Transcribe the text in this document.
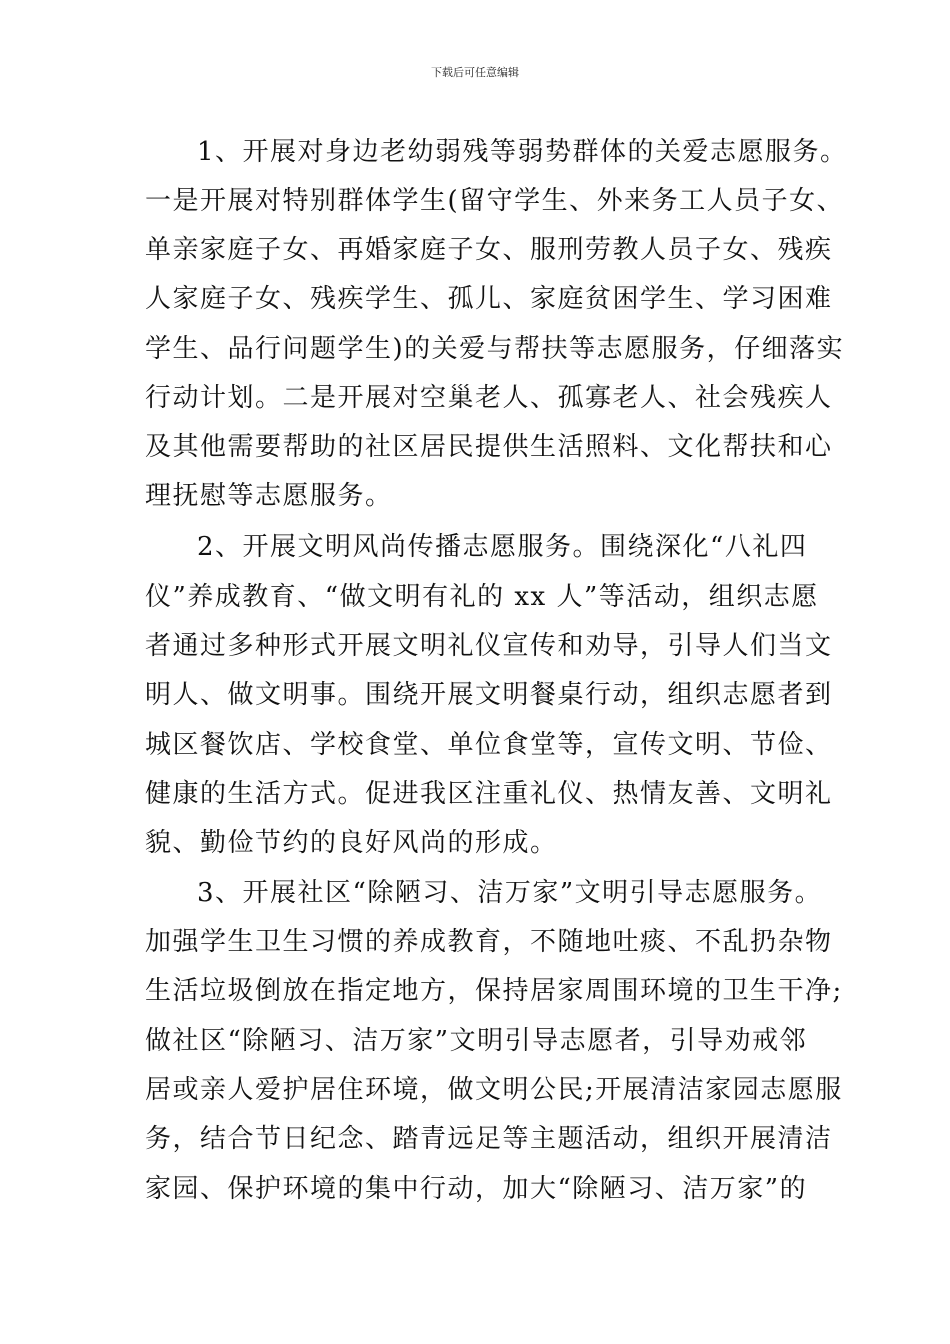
下载后可任意编辑
1、开展对身边老幼弱残等弱势群体的关爱志愿服务。
一是开展对特别群体学生(留守学生、外来务工人员子女、
单亲家庭子女、再婚家庭子女、服刑劳教人员子女、残疾
人家庭子女、残疾学生、孤儿、家庭贫困学生、学习困难
学生、品行问题学生)的关爱与帮扶等志愿服务，仔细落实
行动计划。二是开展对空巢老人、孤寡老人、社会残疾人
及其他需要帮助的社区居民提供生活照料、文化帮扶和心
理抚慰等志愿服务。
2、开展文明风尚传播志愿服务。围绕深化“八礼四
仪”养成教育、“做文明有礼的 xx 人”等活动，组织志愿
者通过多种形式开展文明礼仪宣传和劝导，引导人们当文
明人、做文明事。围绕开展文明餐桌行动，组织志愿者到
城区餐饮店、学校食堂、单位食堂等，宣传文明、节俭、
健康的生活方式。促进我区注重礼仪、热情友善、文明礼
貌、勤俭节约的良好风尚的形成。
3、开展社区“除陋习、洁万家”文明引导志愿服务。
加强学生卫生习惯的养成教育，不随地吐痰、不乱扔杂物
生活垃圾倒放在指定地方，保持居家周围环境的卫生干净;
做社区“除陋习、洁万家”文明引导志愿者，引导劝戒邻
居或亲人爱护居住环境，做文明公民;开展清洁家园志愿服
务，结合节日纪念、踏青远足等主题活动，组织开展清洁
家园、保护环境的集中行动，加大“除陋习、洁万家”的
